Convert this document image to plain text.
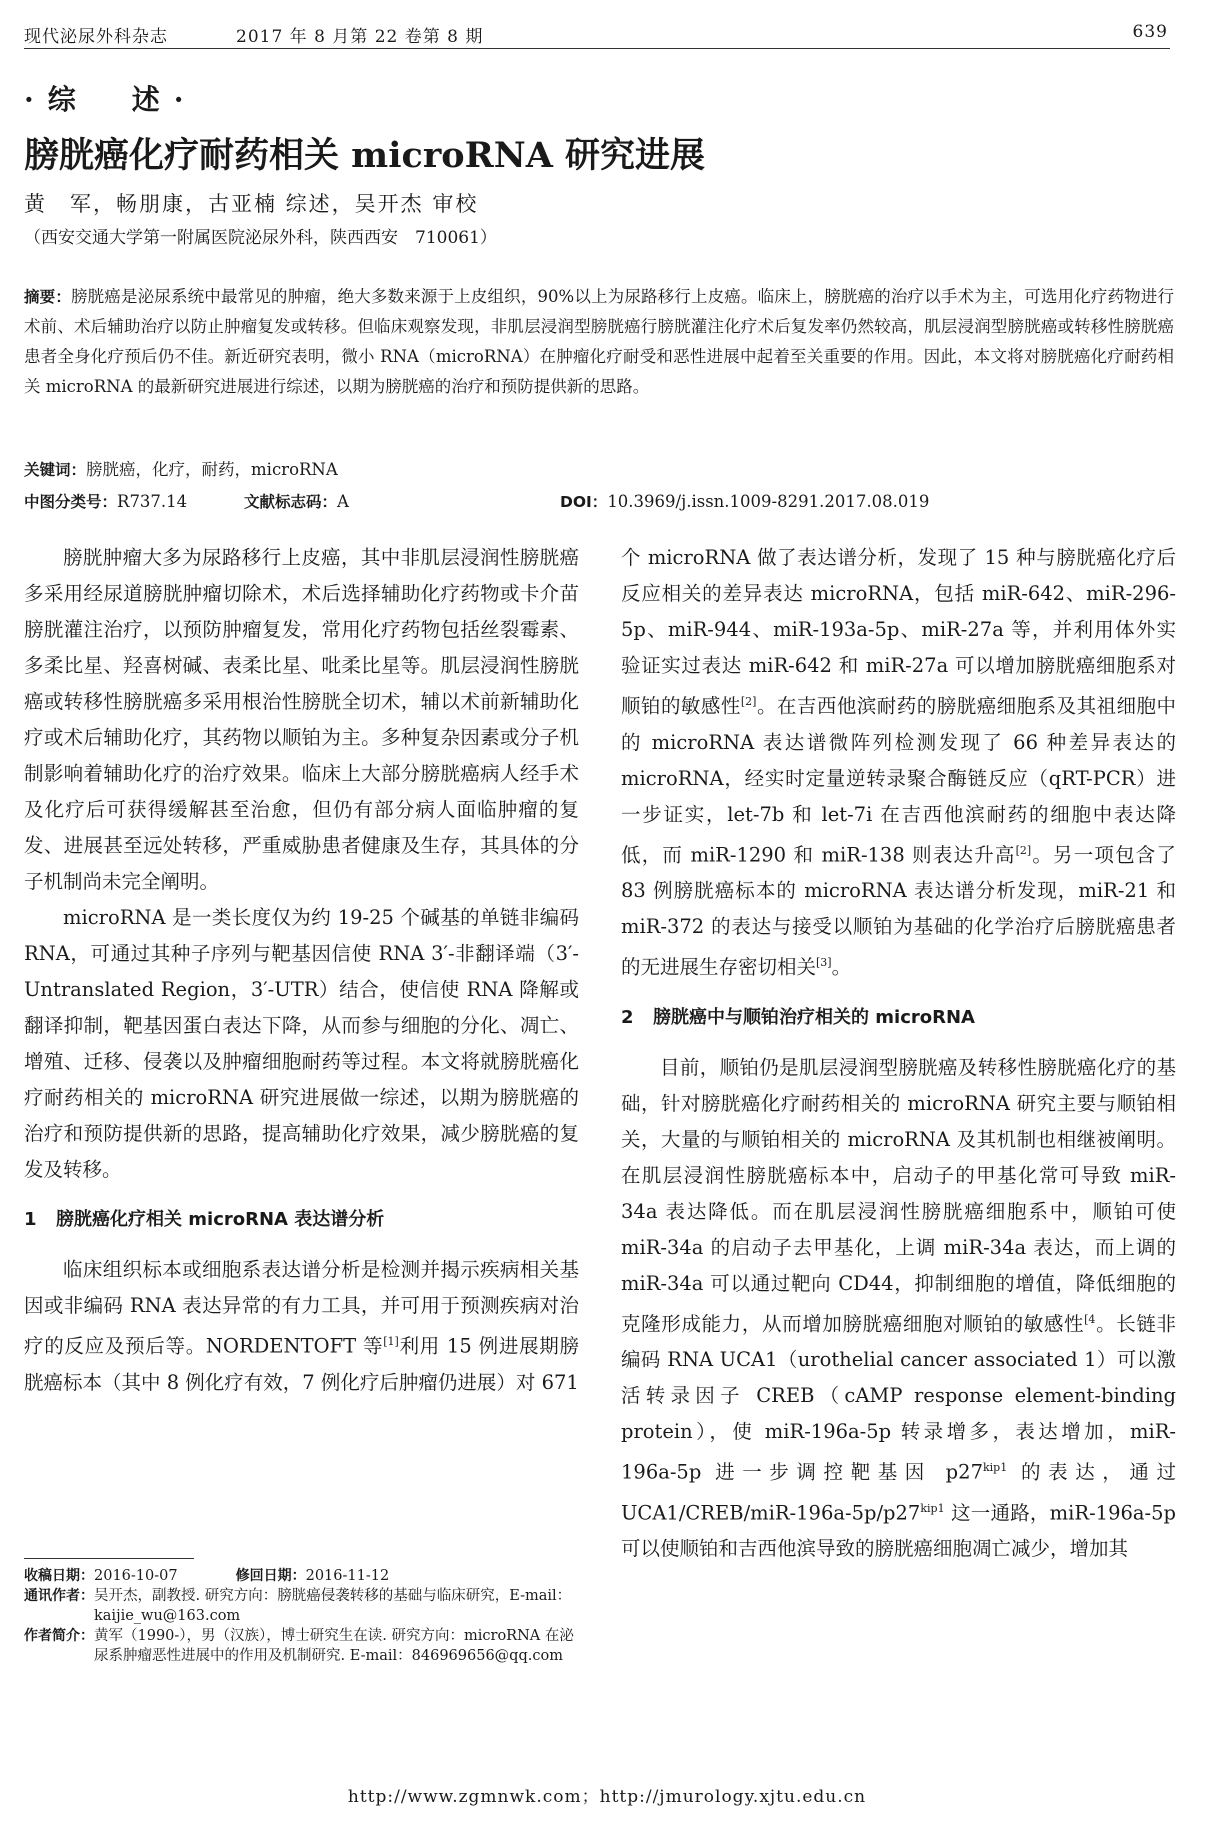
现代泌尿外科杂志	2017 年 8 月第 22 卷第 8 期	639
·综　述·
膀胱癌化疗耐药相关 microRNA 研究进展
黄　军，畅朋康，古亚楠 综述，吴开杰 审校
（西安交通大学第一附属医院泌尿外科，陕西西安　710061）
摘要：膀胱癌是泌尿系统中最常见的肿瘤，绝大多数来源于上皮组织，90%以上为尿路移行上皮癌。临床上，膀胱癌的治疗以手术为主，可选用化疗药物进行术前、术后辅助治疗以防止肿瘤复发或转移。但临床观察发现，非肌层浸润型膀胱癌行膀胱灌注化疗术后复发率仍然较高，肌层浸润型膀胱癌或转移性膀胱癌患者全身化疗预后仍不佳。新近研究表明，微小 RNA（microRNA）在肿瘤化疗耐受和恶性进展中起着至关重要的作用。因此，本文将对膀胱癌化疗耐药相关 microRNA 的最新研究进展进行综述，以期为膀胱癌的治疗和预防提供新的思路。
关键词：膀胱癌，化疗，耐药，microRNA
中图分类号：R737.14	文献标志码：A	DOI：10.3969/j.issn.1009-8291.2017.08.019

膀胱肿瘤大多为尿路移行上皮癌，其中非肌层浸润性膀胱癌多采用经尿道膀胱肿瘤切除术，术后选择辅助化疗药物或卡介苗膀胱灌注治疗，以预防肿瘤复发，常用化疗药物包括丝裂霉素、多柔比星、羟喜树碱、表柔比星、吡柔比星等。肌层浸润性膀胱癌或转移性膀胱癌多采用根治性膀胱全切术，辅以术前新辅助化疗或术后辅助化疗，其药物以顺铂为主。多种复杂因素或分子机制影响着辅助化疗的治疗效果。临床上大部分膀胱癌病人经手术及化疗后可获得缓解甚至治愈，但仍有部分病人面临肿瘤的复发、进展甚至远处转移，严重威胁患者健康及生存，其具体的分子机制尚未完全阐明。

microRNA 是一类长度仅为约 19-25 个碱基的单链非编码 RNA，可通过其种子序列与靶基因信使 RNA 3′-非翻译端（3′-Untranslated Region，3′-UTR）结合，使信使 RNA 降解或翻译抑制，靶基因蛋白表达下降，从而参与细胞的分化、凋亡、增殖、迁移、侵袭以及肿瘤细胞耐药等过程。本文将就膀胱癌化疗耐药相关的 microRNA 研究进展做一综述，以期为膀胱癌的治疗和预防提供新的思路，提高辅助化疗效果，减少膀胱癌的复发及转移。

1 膀胱癌化疗相关 microRNA 表达谱分析

临床组织标本或细胞系表达谱分析是检测并揭示疾病相关基因或非编码 RNA 表达异常的有力工具，并可用于预测疾病对治疗的反应及预后等。NORDENTOFT 等[1]利用 15 例进展期膀胱癌标本（其中 8 例化疗有效，7 例化疗后肿瘤仍进展）对 671

个 microRNA 做了表达谱分析，发现了 15 种与膀胱癌化疗后反应相关的差异表达 microRNA，包括 miR-642、miR-296-5p、miR-944、miR-193a-5p、miR-27a 等，并利用体外实验证实过表达 miR-642 和 miR-27a 可以增加膀胱癌细胞系对顺铂的敏感性[2]。在吉西他滨耐药的膀胱癌细胞系及其祖细胞中的 microRNA 表达谱微阵列检测发现了 66 种差异表达的 microRNA，经实时定量逆转录聚合酶链反应（qRT-PCR）进一步证实，let-7b 和 let-7i 在吉西他滨耐药的细胞中表达降低，而 miR-1290 和 miR-138 则表达升高[2]。另一项包含了 83 例膀胱癌标本的 microRNA 表达谱分析发现，miR-21 和 miR-372 的表达与接受以顺铂为基础的化学治疗后膀胱癌患者的无进展生存密切相关[3]。

2 膀胱癌中与顺铂治疗相关的 microRNA

目前，顺铂仍是肌层浸润型膀胱癌及转移性膀胱癌化疗的基础，针对膀胱癌化疗耐药相关的 microRNA 研究主要与顺铂相关，大量的与顺铂相关的 microRNA 及其机制也相继被阐明。在肌层浸润性膀胱癌标本中，启动子的甲基化常可导致 miR-34a 表达降低。而在肌层浸润性膀胱癌细胞系中，顺铂可使 miR-34a 的启动子去甲基化，上调 miR-34a 表达，而上调的 miR-34a 可以通过靶向 CD44，抑制细胞的增值，降低细胞的克隆形成能力，从而增加膀胱癌细胞对顺铂的敏感性$^{[4}$。长链非编码 RNA UCA1（urothelial cancer associated 1）可以激活转录因子 CREB（cAMP response element-binding protein），使 miR-196a-5p 转录增多，表达增加，miR-196a-5p 进一步调控靶基因 $p27^{kip1}$ 的表达，通过 $UCA1/CREB/miR-196a-5p/p27^{kip1}$ 这一通路，miR-196a-5p 可以使顺铂和吉西他滨导致的膀胱癌细胞凋亡减少，增加其

收稿日期：2016-10-07	修回日期：2016-11-12
通讯作者： 吴开杰，副教授. 研究方向：膀胱癌侵袭转移的基础与临床研究，E-mail：kaijie_wu@163.com
作者简介： 黄军（1990-），男（汉族），博士研究生在读. 研究方向：microRNA 在泌尿系肿瘤恶性进展中的作用及机制研究. E-mail：846969656@qq.com
http://www.zgmnwk.com；http://jmurology.xjtu.edu.cn
